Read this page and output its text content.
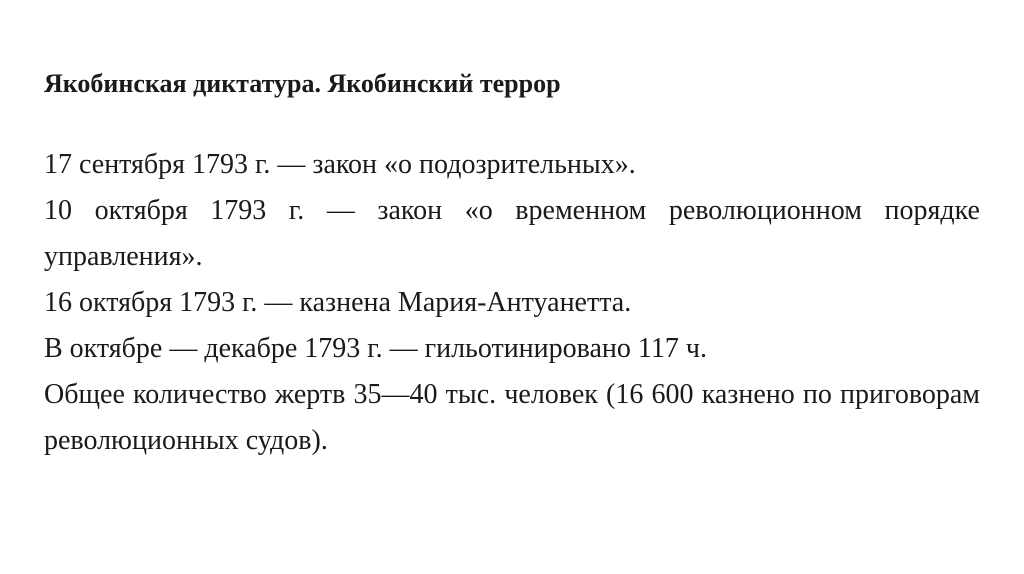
Якобинская диктатура. Якобинский террор

17 сентября 1793 г. — закон «о подозрительных».

10 октября 1793 г. — закон «о временном революционном порядке управления».

16 октября 1793 г. — казнена Мария-Антуанетта.

В октябре — декабре 1793 г. — гильотинировано 117 ч.

Общее количество жертв 35—40 тыс. человек (16 600 казнено по приговорам революционных судов).
